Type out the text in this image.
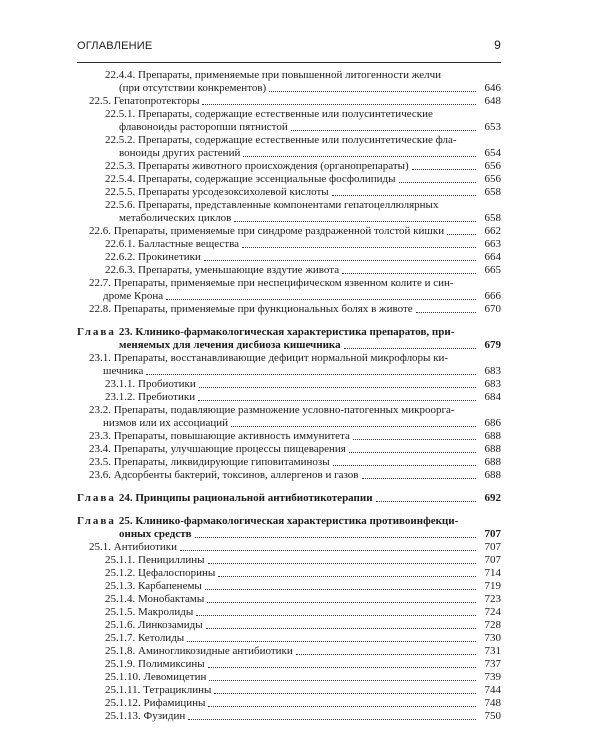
ОГЛАВЛЕНИЕ	9
22.4.4. Препараты, применяемые при повышенной литогенности желчи
(при отсутствии конкрементов)	646
22.5. Гепатопротекторы	648
22.5.1. Препараты, содержащие естественные или полусинтетические
флавоноиды расторопши пятнистой	653
22.5.2. Препараты, содержащие естественные или полусинтетические фла-
воноиды других растений	654
22.5.3. Препараты животного происхождения (органопрепараты)	656
22.5.4. Препараты, содержащие эссенциальные фосфолипиды	656
22.5.5. Препараты урсодезоксихолевой кислоты	658
22.5.6. Препараты, представленные компонентами гепатоцеллюлярных
метаболических циклов	658
22.6. Препараты, применяемые при синдроме раздраженной толстой кишки	662
22.6.1. Балластные вещества	663
22.6.2. Прокинетики	664
22.6.3. Препараты, уменьшающие вздутие живота	665
22.7. Препараты, применяемые при неспецифическом язвенном колите и син-
дроме Крона	666
22.8. Препараты, применяемые при функциональных болях в животе	670
Глава 23. Клинико-фармакологическая характеристика препаратов, при-
меняемых для лечения дисбиоза кишечника	679
23.1. Препараты, восстанавливающие дефицит нормальной микрофлоры ки-
шечника	683
23.1.1. Пробиотики	683
23.1.2. Пребиотики	684
23.2. Препараты, подавляющие размножение условно-патогенных микроорга-
низмов или их ассоциаций	686
23.3. Препараты, повышающие активность иммунитета	688
23.4. Препараты, улучшающие процессы пищеварения	688
23.5. Препараты, ликвидирующие гиповитаминозы	688
23.6. Адсорбенты бактерий, токсинов, аллергенов и газов	688
Глава 24. Принципы рациональной антибиотикотерапии	692
Глава 25. Клинико-фармакологическая характеристика противоинфекци-
онных средств	707
25.1. Антибиотики	707
25.1.1. Пенициллины	707
25.1.2. Цефалоспорины	714
25.1.3. Карбапенемы	719
25.1.4. Монобактамы	723
25.1.5. Макролиды	724
25.1.6. Линкозамиды	728
25.1.7. Кетолиды	730
25.1.8. Аминогликозидные антибиотики	731
25.1.9. Полимиксины	737
25.1.10. Левомицетин	739
25.1.11. Тетрациклины	744
25.1.12. Рифамицины	748
25.1.13. Фузидин	750
